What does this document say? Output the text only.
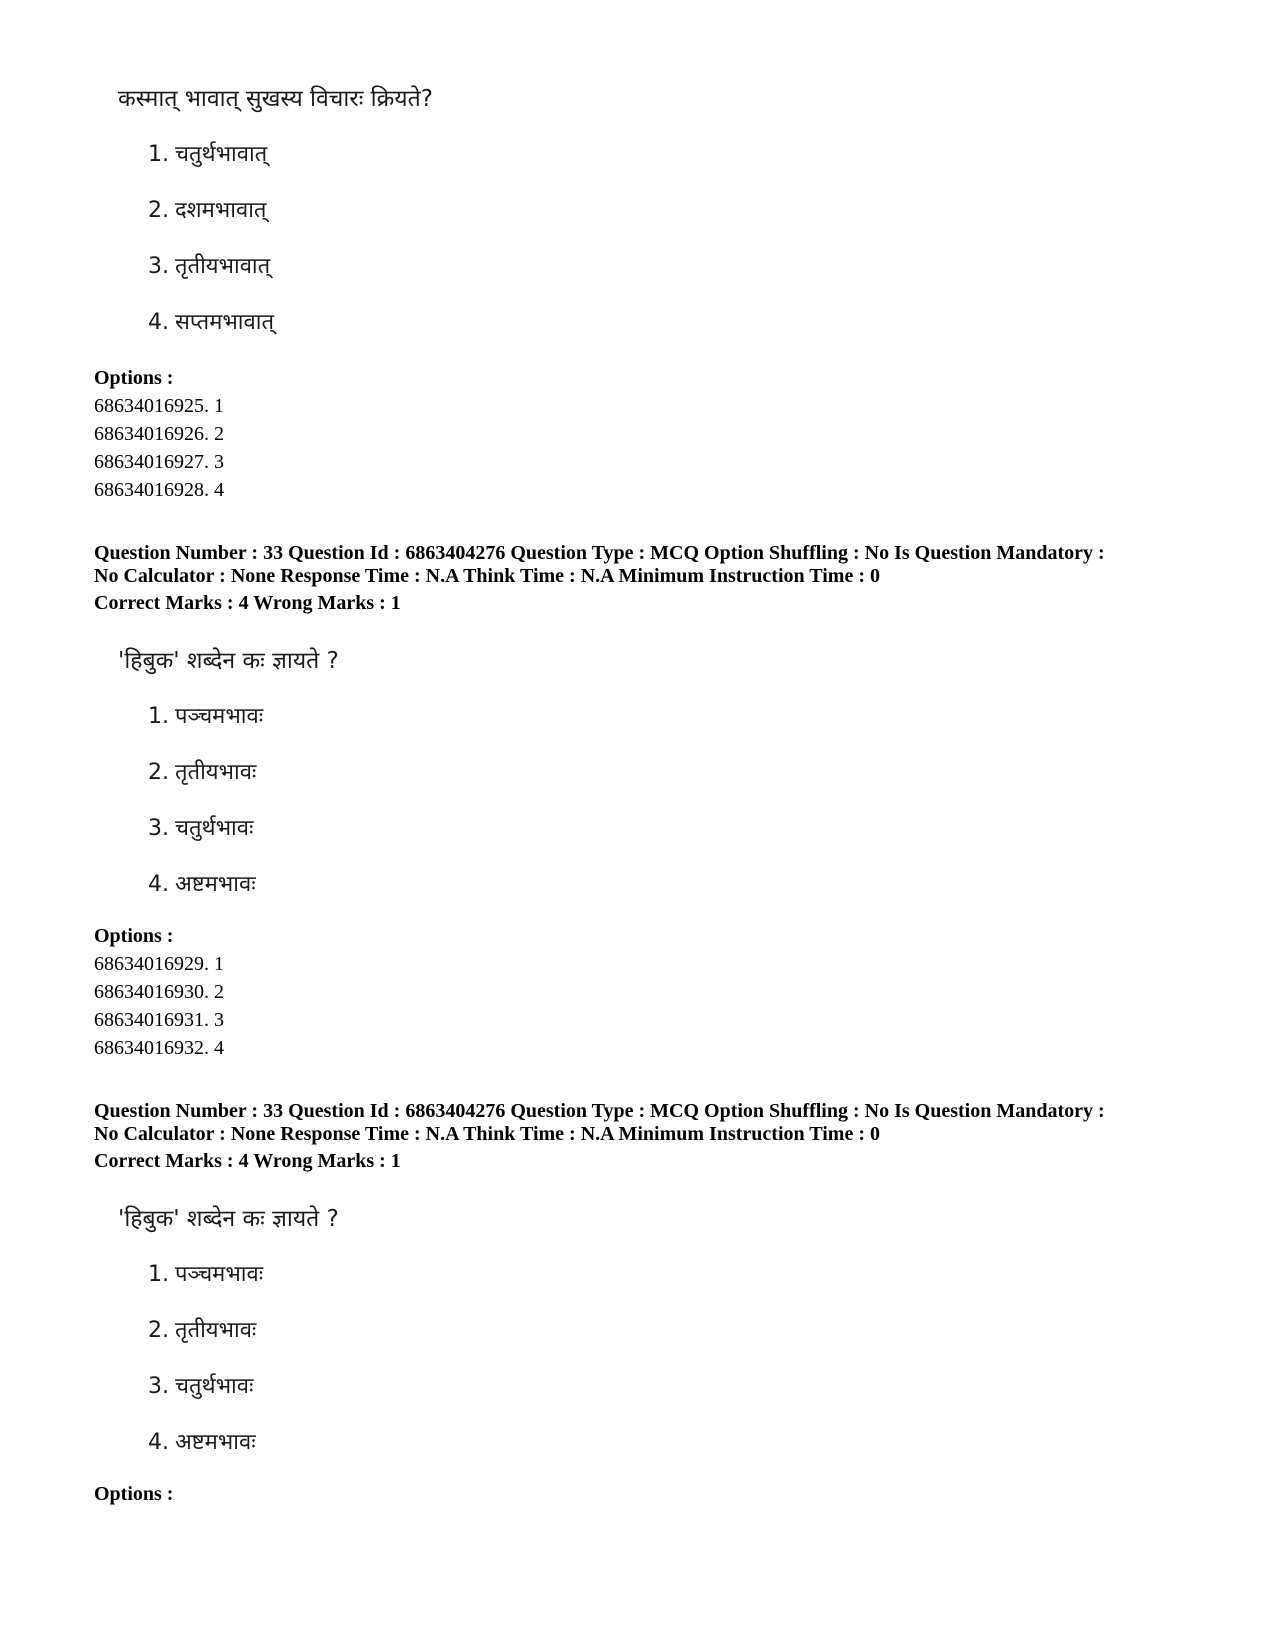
कस्मात् भावात् सुखस्य विचारः क्रियते?
1. चतुर्थभावात्
2. दशमभावात्
3. तृतीयभावात्
4. सप्तमभावात्
Options :
68634016925. 1
68634016926. 2
68634016927. 3
68634016928. 4
Question Number : 33 Question Id : 6863404276 Question Type : MCQ Option Shuffling : No Is Question Mandatory :
No Calculator : None Response Time : N.A Think Time : N.A Minimum Instruction Time : 0
Correct Marks : 4 Wrong Marks : 1
'हिबुक' शब्देन कः ज्ञायते ?
1. पञ्चमभावः
2. तृतीयभावः
3. चतुर्थभावः
4. अष्टमभावः
Options :
68634016929. 1
68634016930. 2
68634016931. 3
68634016932. 4
Question Number : 33 Question Id : 6863404276 Question Type : MCQ Option Shuffling : No Is Question Mandatory :
No Calculator : None Response Time : N.A Think Time : N.A Minimum Instruction Time : 0
Correct Marks : 4 Wrong Marks : 1
'हिबुक' शब्देन कः ज्ञायते ?
1. पञ्चमभावः
2. तृतीयभावः
3. चतुर्थभावः
4. अष्टमभावः
Options :
